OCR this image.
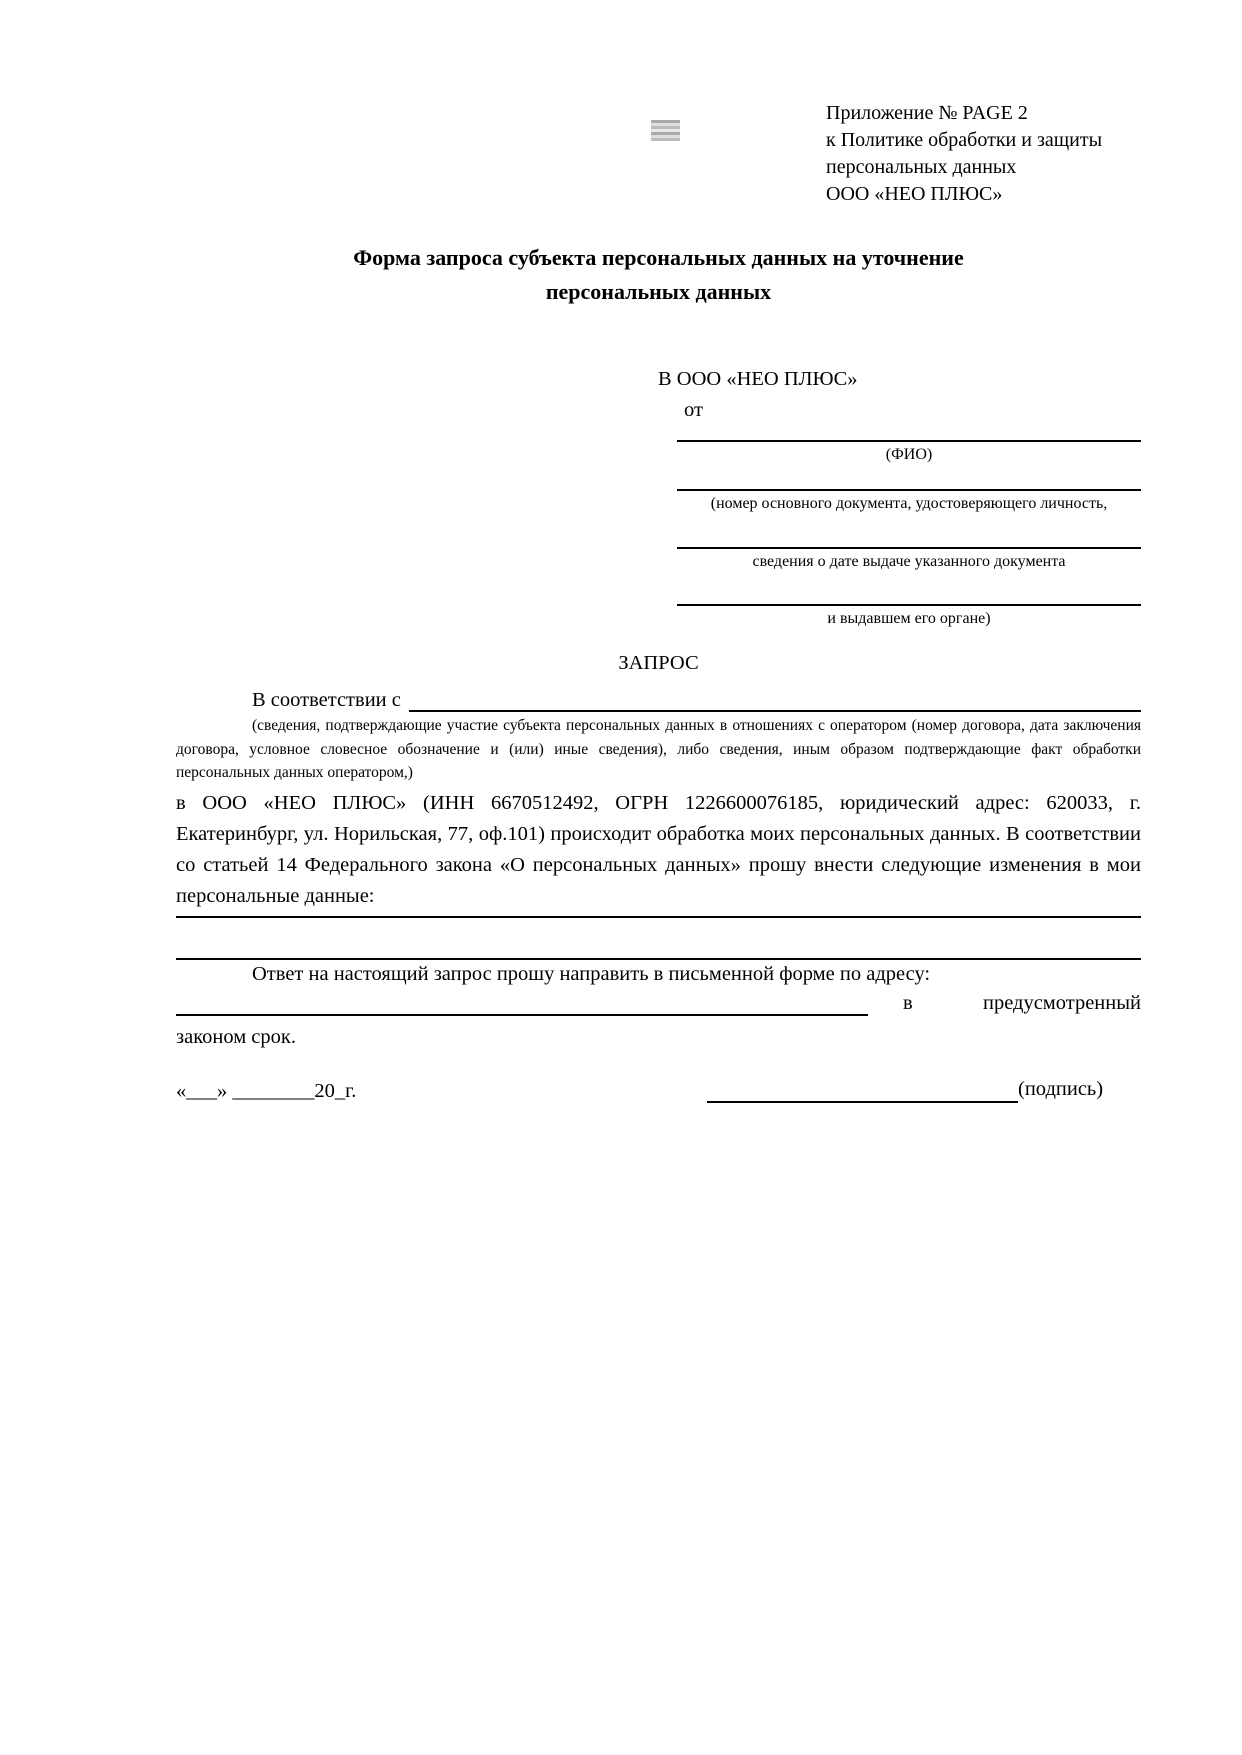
Приложение № PAGE 2
к Политике обработки и защиты
персональных данных
ООО «НЕО ПЛЮС»
Форма запроса субъекта персональных данных на уточнение
персональных данных
В ООО «НЕО ПЛЮС»
от
(ФИО)
(номер основного документа, удостоверяющего личность,
сведения о дате выдаче указанного документа
и выдавшем его органе)
ЗАПРОС
В соответствии с
(сведения, подтверждающие участие субъекта персональных данных в отношениях с оператором (номер договора, дата заключения договора, условное словесное обозначение и (или) иные сведения), либо сведения, иным образом подтверждающие факт обработки персональных данных оператором,)
в ООО «НЕО ПЛЮС» (ИНН 6670512492, ОГРН 1226600076185, юридический адрес: 620033, г. Екатеринбург, ул. Норильская, 77, оф.101) происходит обработка моих персональных данных. В соответствии со статьей 14 Федерального закона «О персональных данных» прошу внести следующие изменения в мои персональные данные:
Ответ на настоящий запрос прошу направить в письменной форме по адресу:
в	предусмотренный
законом срок.
«___» ________20_г.	(подпись)
